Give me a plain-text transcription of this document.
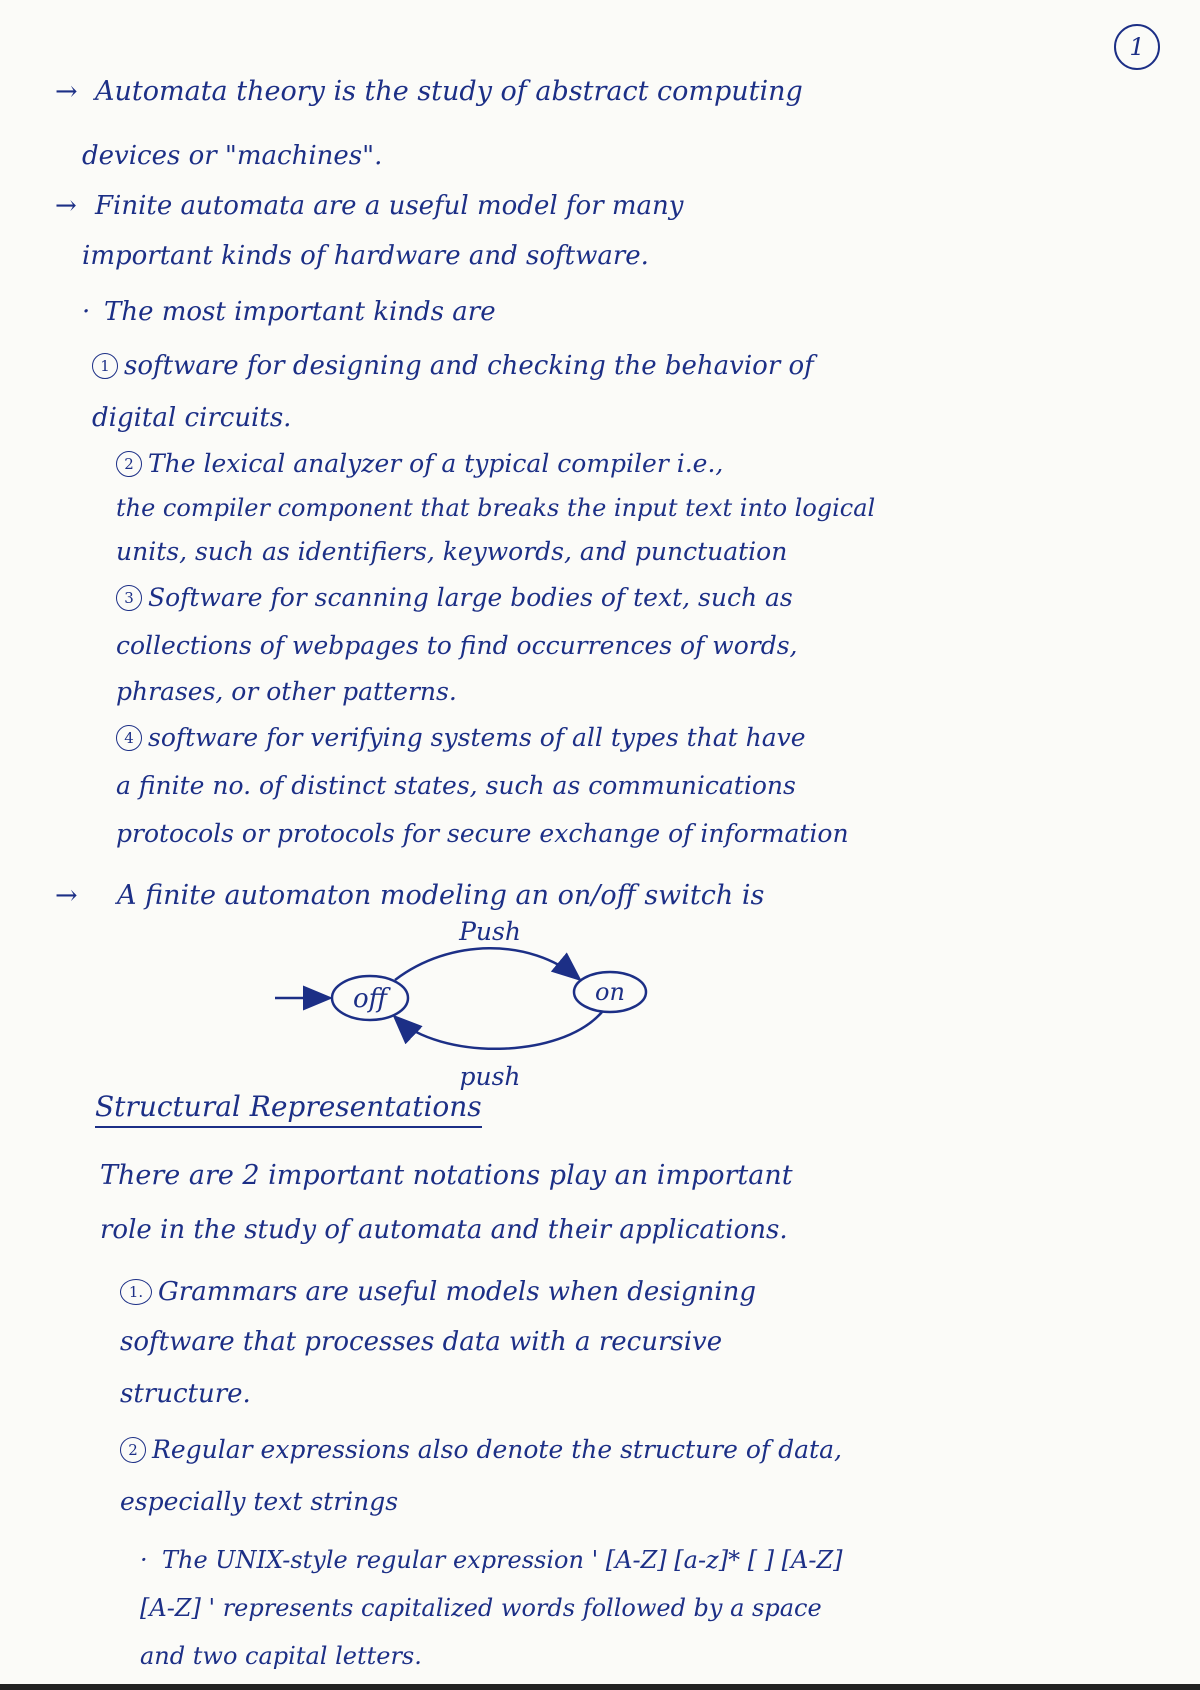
1
→ Automata theory is the study of abstract computing
devices or "machines".
→ Finite automata are a useful model for many
important kinds of hardware and software.
· The most important kinds are
1 software for designing and checking the behavior of
digital circuits.
2 The lexical analyzer of a typical compiler i.e.,
the compiler component that breaks the input text into logical
units, such as identifiers, keywords, and punctuation
3 Software for scanning large bodies of text, such as
collections of webpages to find occurrences of words,
phrases, or other patterns.
4 software for verifying systems of all types that have
a finite no. of distinct states, such as communications
protocols or protocols for secure exchange of information
→ A finite automaton modeling an on/off switch is
off	on
Push
push
Structural Representations
There are 2 important notations play an important
role in the study of automata and their applications.
1. Grammars are useful models when designing
software that processes data with a recursive
structure.
2 Regular expressions also denote the structure of data,
especially text strings
· The UNIX-style regular expression ' [A-Z] [a-z]* [ ] [A-Z]
[A-Z] ' represents capitalized words followed by a space
and two capital letters.
